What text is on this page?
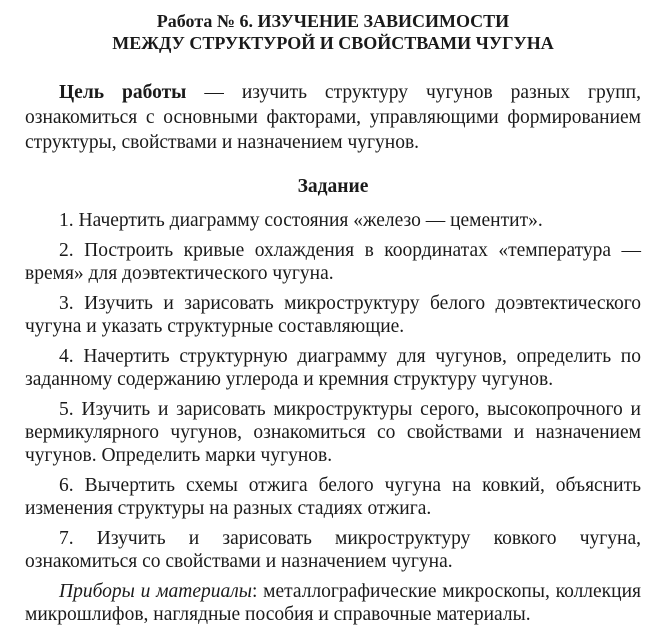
Работа № 6. ИЗУЧЕНИЕ ЗАВИСИМОСТИ
МЕЖДУ СТРУКТУРОЙ И СВОЙСТВАМИ ЧУГУНА

Цель работы — изучить структуру чугунов разных групп, ознакомиться с основными факторами, управляющими формированием структуры, свойствами и назначением чугунов.

Задание
1. Начертить диаграмму состояния «железо — цементит».
2. Построить кривые охлаждения в координатах «температура — время» для доэвтектического чугуна.
3. Изучить и зарисовать микроструктуру белого доэвтектического чугуна и указать структурные составляющие.
4. Начертить структурную диаграмму для чугунов, определить по заданному содержанию углерода и кремния структуру чугунов.
5. Изучить и зарисовать микроструктуры серого, высокопрочного и вермикулярного чугунов, ознакомиться со свойствами и назначением чугунов. Определить марки чугунов.
6. Вычертить схемы отжига белого чугуна на ковкий, объяснить изменения структуры на разных стадиях отжига.
7. Изучить и зарисовать микроструктуру ковкого чугуна, ознакомиться со свойствами и назначением чугуна.

Приборы и материалы: металлографические микроскопы, коллекция микрошлифов, наглядные пособия и справочные материалы.
